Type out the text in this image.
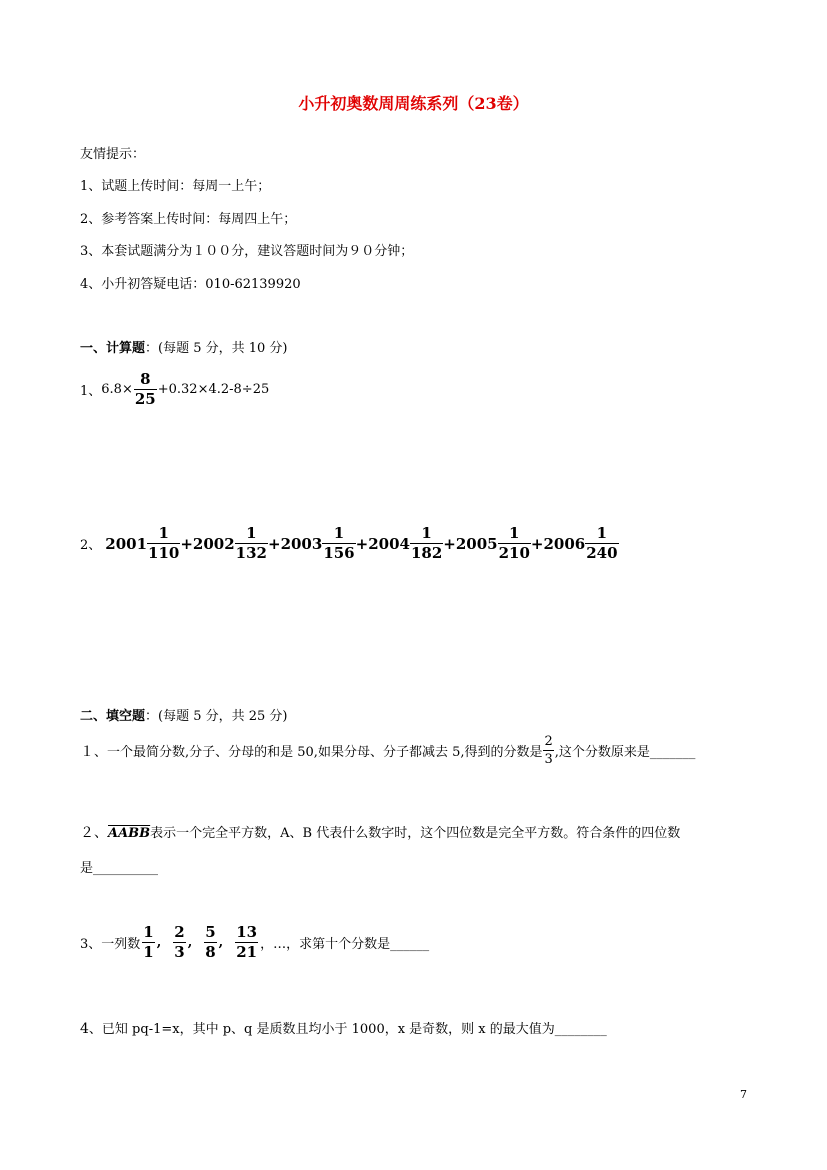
小升初奥数周周练系列（23卷）
友情提示：
1、试题上传时间：每周一上午；
2、参考答案上传时间：每周四上午；
3、本套试题满分为１００分，建议答题时间为９０分钟；
4、小升初答疑电话：010-62139920
一、计算题：(每题 5 分，共 10 分)
1、 $6.8\times \frac{8}{25} +0.32\times 4.2-8\div 25$
2、 $2001 \frac{1}{110} + 2002 \frac{1}{132} + 2003 \frac{1}{156} + 2004 \frac{1}{182} + 2005 \frac{1}{210} + 2006 \frac{1}{240}$
二、填空题：(每题 5 分，共 25 分)
１ 、一个最简分数,分子、分母的和是 50,如果分母、分子都减去 5,得到的分数是 $\frac{2}{3}$ ,这个分数原来是_______
２、AABB表示一个完全平方数，A、B 代表什么数字时，这个四位数是完全平方数。符合条件的四位数
是__________
3、 一列数 $\frac{1}{1}$ , $\frac{2}{3}$ , $\frac{5}{8}$ , $\frac{13}{21}$ ，…，求第十个分数是______
4、已知 pq-1=x，其中 p、q 是质数且均小于 1000，x 是奇数，则 x 的最大值为________
7
